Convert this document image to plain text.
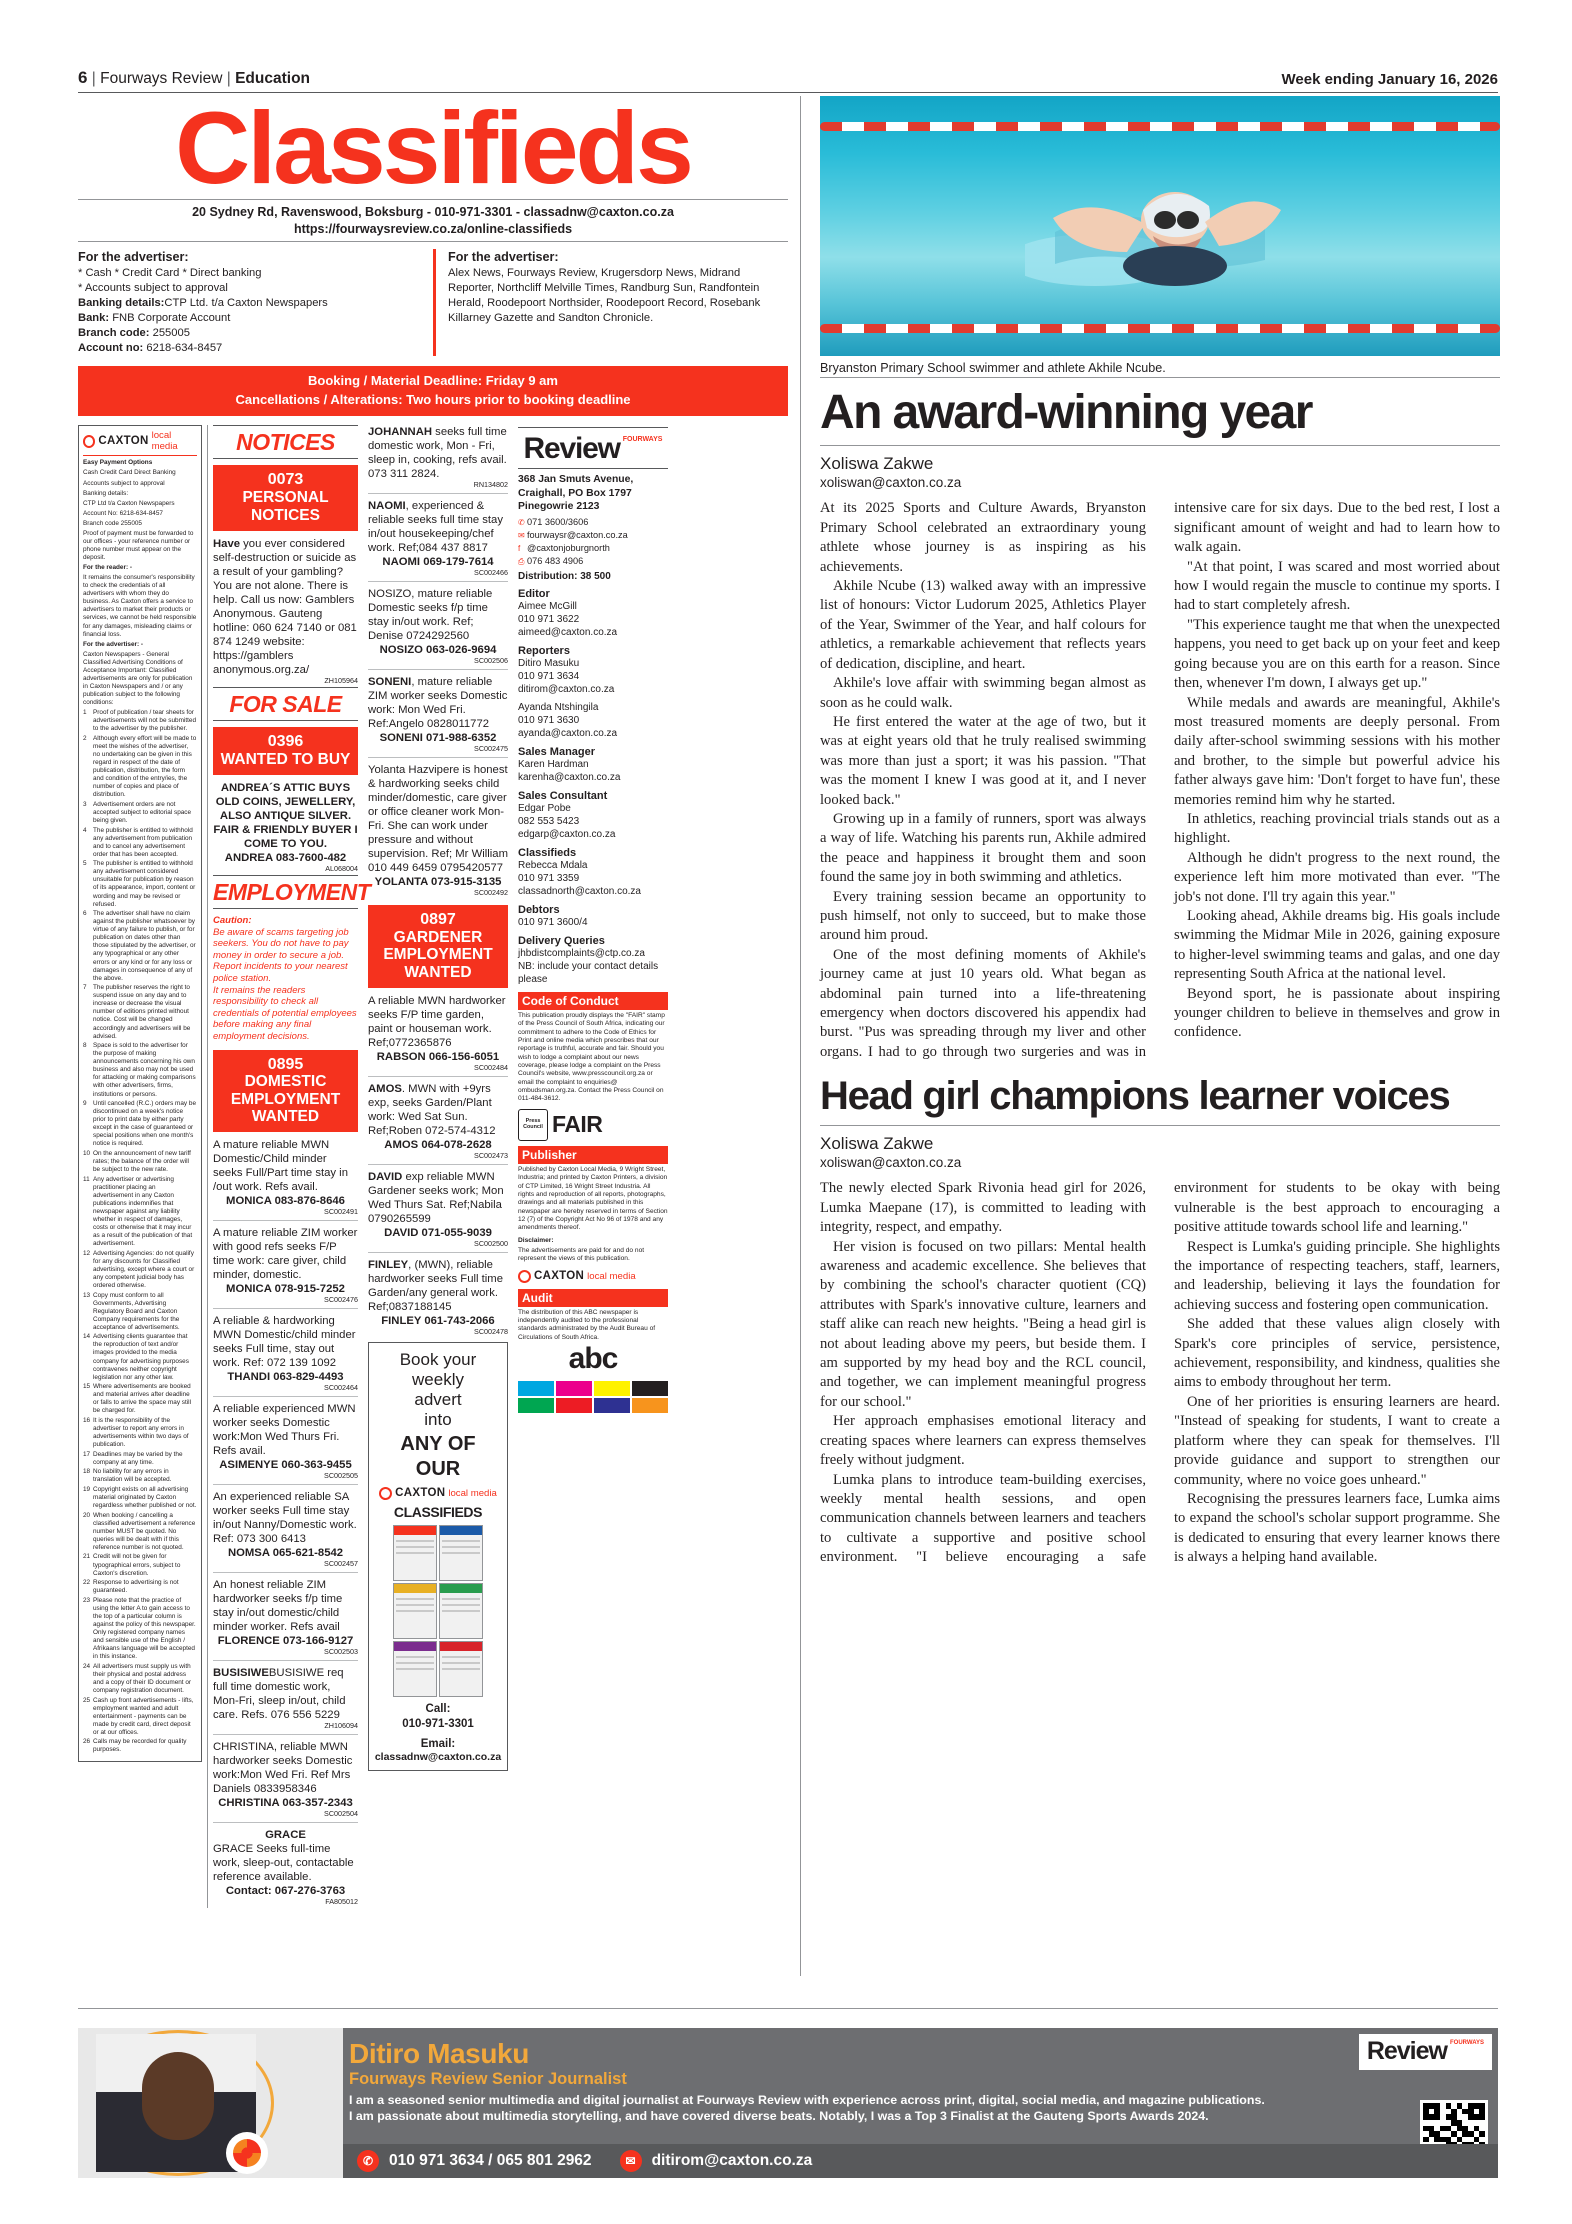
6 | Fourways Review | Education	Week ending January 16, 2026
Classifieds
20 Sydney Rd, Ravenswood, Boksburg - 010-971-3301 - classadnw@caxton.co.za
https://fourwaysreview.co.za/online-classifieds
For the advertiser:
* Cash * Credit Card * Direct banking
* Accounts subject to approval
Banking details:CTP Ltd. t/a Caxton Newspapers
Bank: FNB Corporate Account
Branch code: 255005
Account no: 6218-634-8457
For the advertiser:
Alex News, Fourways Review, Krugersdorp News, Midrand Reporter, Northcliff Melville Times, Randburg Sun, Randfontein Herald, Roodepoort Northsider, Roodepoort Record, Rosebank Killarney Gazette and Sandton Chronicle.
Booking / Material Deadline: Friday 9 am
Cancellations / Alterations: Two hours prior to booking deadline
CAXTON local media

Easy Payment Options

Cash Credit Card Direct Banking

Accounts subject to approval

Banking details:

CTP Ltd t/a Caxton Newspapers

Account No: 6218-634-8457

Branch code 255005

Proof of payment must be forwarded to our offices - your reference number or phone number must appear on the deposit.

For the reader: -

It remains the consumer's responsibility to check the credentials of all advertisers with whom they do business. As Caxton offers a service to advertisers to market their products or services, we cannot be held responsible for any damages, misleading claims or financial loss.

For the advertiser: -

Caxton Newspapers - General Classified Advertising Conditions of Acceptance Important: Classified advertisements are only for publication in Caxton Newspapers and / or any publication subject to the following conditions:

1	Proof of publication / tear sheets for advertisements will not be submitted to the advertiser by the publisher.
2	Although every effort will be made to meet the wishes of the advertiser, no undertaking can be given in this regard in respect of the date of publication, distribution, the form and condition of the entry/ies, the number of copies and place of distribution.
3	Advertisement orders are not accepted subject to editorial space being given.
4	The publisher is entitled to withhold any advertisement from publication and to cancel any advertisement order that has been accepted.
5	The publisher is entitled to withhold any advertisement considered unsuitable for publication by reason of its appearance, import, content or wording and may be revised or refused.
6	The advertiser shall have no claim against the publisher whatsoever by virtue of any failure to publish, or for publication on dates other than those stipulated by the advertiser, or any typographical or any other errors or any kind or for any loss or damages in consequence of any of the above.
7	The publisher reserves the right to suspend issue on any day and to increase or decrease the visual number of editions printed without notice. Cost will be changed accordingly and advertisers will be advised.
8	Space is sold to the advertiser for the purpose of making announcements concerning his own business and also may not be used for attacking or making comparisons with other advertisers, firms, institutions or persons.
9	Until cancelled (R.C.) orders may be discontinued on a week's notice prior to print date by either party except in the case of guaranteed or special positions when one month's notice is required.
10 On the announcement of new tariff rates; the balance of the order will be subject to the new rate.
11 Any advertiser or advertising practitioner placing an advertisement in any Caxton publications indemnifies that newspaper against any liability whether in respect of damages, costs or otherwise that it may incur as a result of the publication of that advertisement.
12 Advertising Agencies: do not qualify for any discounts for Classified advertising, except where a court or any competent judicial body has ordered otherwise.
13 Copy must conform to all Governments, Advertising Regulatory Board and Caxton Company requirements for the acceptance of advertisements.
14 Advertising clients guarantee that the reproduction of text and/or images provided to the media company for advertising purposes contravenes neither copyright legislation nor any other law.
15 Where advertisements are booked and material arrives after deadline or falls to arrive the space may still be charged for.
16 It is the responsibility of the advertiser to report any errors in advertisements within two days of publication.
17 Deadlines may be varied by the company at any time.
18 No liability for any errors in translation will be accepted.
19 Copyright exists on all advertising material originated by Caxton regardless whether published or not.
20 When booking / cancelling a classified advertisement a reference number MUST be quoted. No queries will be dealt with if this reference number is not quoted.
21 Credit will not be given for typographical errors, subject to Caxton's discretion.
22 Response to advertising is not guaranteed.
23 Please note that the practice of using the letter A to gain access to the top of a particular column is against the policy of this newspaper. Only registered company names and sensible use of the English / Afrikaans language will be accepted in this instance.
24 All advertisers must supply us with their physical and postal address and a copy of their ID document or company registration document.
25 Cash up front advertisements - lifts, employment wanted and adult entertainment - payments can be made by credit card, direct deposit or at our offices.
26 Calls may be recorded for quality purposes.
NOTICES
0073
PERSONAL NOTICES
Have you ever considered self-destruction or suicide as a result of your gambling? You are not alone. There is help. Call us now: Gamblers Anonymous. Gauteng hotline: 060 624 7140 or 081 874 1249 website: https://gamblers anonymous.org.za/
ZH105964
FOR SALE
0396
WANTED TO BUY
ANDREA´S ATTIC BUYS
OLD COINS, JEWELLERY, ALSO ANTIQUE SILVER. FAIR & FRIENDLY BUYER I COME TO YOU.
ANDREA 083-7600-482
AL068004
EMPLOYMENT
Caution:
Be aware of scams targeting job seekers. You do not have to pay money in order to secure a job. Report incidents to your nearest police station.
It remains the readers responsibility to check all credentials of potential employees before making any final employment decisions.
0895
DOMESTIC EMPLOYMENT WANTED
A mature reliable MWN Domestic/Child minder seeks Full/Part time stay in /out work. Refs avail.
MONICA 083-876-8646
SC002491
A mature reliable ZIM worker with good refs seeks F/P time work: care giver, child minder, domestic.
MONICA 078-915-7252
SC002476
A reliable & hardworking MWN Domestic/child minder seeks Full time, stay out work. Ref: 072 139 1092
THANDI 063-829-4493
SC002464
A reliable experienced MWN worker seeks Domestic work:Mon Wed Thurs Fri. Refs avail.
ASIMENYE 060-363-9455
SC002505
An experienced reliable SA worker seeks Full time stay in/out Nanny/Domestic work. Ref: 073 300 6413
NOMSA 065-621-8542
SC002457
An honest reliable ZIM hardworker seeks f/p time stay in/out domestic/child minder worker. Refs avail
FLORENCE 073-166-9127
SC002503
BUSISIWEBUSISIWE req full time domestic work, Mon-Fri, sleep in/out, child care. Refs. 076 556 5229
ZH106094
CHRISTINA, reliable MWN hardworker seeks Domestic work:Mon Wed Fri. Ref Mrs Daniels 0833958346
CHRISTINA 063-357-2343
SC002504
GRACE
GRACE Seeks full-time work, sleep-out, contactable reference available.
Contact: 067-276-3763
FA805012
JOHANNAH seeks full time domestic work, Mon - Fri, sleep in, cooking, refs avail. 073 311 2824.
RN134802
NAOMI, experienced & reliable seeks full time stay in/out housekeeping/chef work. Ref;084 437 8817
NAOMI 069-179-7614
SC002466
NOSIZO, mature reliable Domestic seeks f/p time stay in/out work. Ref; Denise 0724292560
NOSIZO 063-026-9694
SC002506
SONENI, mature reliable ZIM worker seeks Domestic work: Mon Wed Fri. Ref:Angelo 0828011772
SONENI 071-988-6352
SC002475
Yolanta Hazvipere is honest & hardworking seeks child minder/domestic, care giver or office cleaner work Mon-Fri. She can work under pressure and without supervision. Ref; Mr William 010 449 6459 0795420577
YOLANTA 073-915-3135
SC002492
0897
GARDENER EMPLOYMENT WANTED
A reliable MWN hardworker seeks F/P time garden, paint or houseman work. Ref;0772365876
RABSON 066-156-6051
SC002484
AMOS. MWN with +9yrs exp, seeks Garden/Plant work: Wed Sat Sun. Ref;Roben 072-574-4312
AMOS 064-078-2628
SC002473
DAVID exp reliable MWN Gardener seeks work; Mon Wed Thurs Sat. Ref;Nabila 0790265599
DAVID 071-055-9039
SC002500
FINLEY, (MWN), reliable hardworker seeks Full time Garden/any general work. Ref;0837188145
FINLEY 061-743-2066
SC002478
Book your
weekly
advert
into
ANY OF
OUR
CAXTON local media
CLASSIFIEDS
Call:
010-971-3301
Email:
classadnw@caxton.co.za
Review FOURWAYS
368 Jan Smuts Avenue, Craighall, PO Box 1797 Pinegowrie 2123
✆ 071 3600/3606
✉ fourwaysr@caxton.co.za
f @caxtonjoburgnorth
⎙ 076 483 4906
Distribution: 38 500
Editor
Aimee McGill
010 971 3622
aimeed@caxton.co.za
Reporters
Ditiro Masuku
010 971 3634
ditirom@caxton.co.za
Ayanda Ntshingila
010 971 3630
ayanda@caxton.co.za
Sales Manager
Karen Hardman
karenha@caxton.co.za
Sales Consultant
Edgar Pobe
082 553 5423
edgarp@caxton.co.za
Classifieds
Rebecca Mdala
010 971 3359
classadnorth@caxton.co.za
Debtors
010 971 3600/4
Delivery Queries
jhbdistcomplaints@ctp.co.za
NB: include your contact details please
Code of Conduct
This publication proudly displays the "FAIR" stamp of the Press Council of South Africa, indicating our commitment to adhere to the Code of Ethics for Print and online media which prescribes that our reportage is truthful, accurate and fair. Should you wish to lodge a complaint about our news coverage, please lodge a complaint on the Press Council's website, www.presscouncil.org.za or email the complaint to enquiries@ ombudsman.org.za. Contact the Press Council on 011-484-3612.
Press
Council FAIR
Publisher
Published by Caxton Local Media, 9 Wright Street, Industria; and printed by Caxton Printers, a division of CTP Limited, 16 Wright Street Industria. All rights and reproduction of all reports, photographs, drawings and all materials published in this newspaper are hereby reserved in terms of Section 12 (7) of the Copyright Act No 96 of 1978 and any amendments thereof.
Disclaimer:
The advertisements are paid for and do not represent the views of this publication.
CAXTON local media
Audit
The distribution of this ABC newspaper is independently audited to the professional standards administrated by the Audit Bureau of Circulations of South Africa.
abc
Bryanston Primary School swimmer and athlete Akhile Ncube.
An award-winning year
Xoliswa Zakwe
xoliswan@caxton.co.za

At its 2025 Sports and Culture Awards, Bryanston Primary School celebrated an extraordinary young athlete whose journey is as inspiring as his achievements.

Akhile Ncube (13) walked away with an impressive list of honours: Victor Ludorum 2025, Athletics Player of the Year, Swimmer of the Year, and half colours for athletics, a remarkable achievement that reflects years of dedication, discipline, and heart.

Akhile's love affair with swimming began almost as soon as he could walk.

He first entered the water at the age of two, but it was at eight years old that he truly realised swimming was more than just a sport; it was his passion. "That was the moment I knew I was good at it, and I never looked back."

Growing up in a family of runners, sport was always a way of life. Watching his parents run, Akhile admired the peace and happiness it brought them and soon found the same joy in both swimming and athletics.

Every training session became an opportunity to push himself, not only to succeed, but to make those around him proud.

One of the most defining moments of Akhile's journey came at just 10 years old. What began as abdominal pain turned into a life-threatening emergency when doctors discovered his appendix had burst. "Pus was spreading through my liver and other organs. I had to go through two surgeries and was in intensive care for six days. Due to the bed rest, I lost a significant amount of weight and had to learn how to walk again.

"At that point, I was scared and most worried about how I would regain the muscle to continue my sports. I had to start completely afresh.

"This experience taught me that when the unexpected happens, you need to get back up on your feet and keep going because you are on this earth for a reason. Since then, whenever I'm down, I always get up."

While medals and awards are meaningful, Akhile's most treasured moments are deeply personal. From daily after-school swimming sessions with his mother and brother, to the simple but powerful advice his father always gave him: 'Don't forget to have fun', these memories remind him why he started.

In athletics, reaching provincial trials stands out as a highlight.

Although he didn't progress to the next round, the experience left him more motivated than ever. "The job's not done. I'll try again this year."

Looking ahead, Akhile dreams big. His goals include swimming the Midmar Mile in 2026, gaining exposure to higher-level swimming teams and galas, and one day representing South Africa at the national level.

Beyond sport, he is passionate about inspiring younger children to believe in themselves and grow in confidence.

Head girl champions learner voices
Xoliswa Zakwe
xoliswan@caxton.co.za

The newly elected Spark Rivonia head girl for 2026, Lumka Maepane (17), is committed to leading with integrity, respect, and empathy.

Her vision is focused on two pillars: Mental health awareness and academic excellence. She believes that by combining the school's character quotient (CQ) attributes with Spark's innovative culture, learners and staff alike can reach new heights. "Being a head girl is not about leading above my peers, but beside them. I am supported by my head boy and the RCL council, and together, we can implement meaningful progress for our school."

Her approach emphasises emotional literacy and creating spaces where learners can express themselves freely without judgment.

Lumka plans to introduce team-building exercises, weekly mental health sessions, and open communication channels between learners and teachers to cultivate a supportive and positive school environment. "I believe encouraging a safe environment for students to be okay with being vulnerable is the best approach to encouraging a positive attitude towards school life and learning."

Respect is Lumka's guiding principle. She highlights the importance of respecting teachers, staff, learners, and leadership, believing it lays the foundation for achieving success and fostering open communication.

She added that these values align closely with Spark's core principles of service, persistence, achievement, responsibility, and kindness, qualities she aims to embody throughout her term.

One of her priorities is ensuring learners are heard. "Instead of speaking for students, I want to create a platform where they can speak for themselves. I'll provide guidance and support to strengthen our community, where no voice goes unheard."

Recognising the pressures learners face, Lumka aims to expand the school's scholar support programme. She is dedicated to ensuring that every learner knows there is always a helping hand available.

Ditiro Masuku
Fourways Review Senior Journalist
I am a seasoned senior multimedia and digital journalist at Fourways Review with experience across print, digital, social media, and magazine publications. I am passionate about multimedia storytelling, and have covered diverse beats. Notably, I was a Top 3 Finalist at the Gauteng Sports Awards 2024.
Review FOURWAYS
✆	010 971 3634 / 065 801 2962	✉	ditirom@caxton.co.za
